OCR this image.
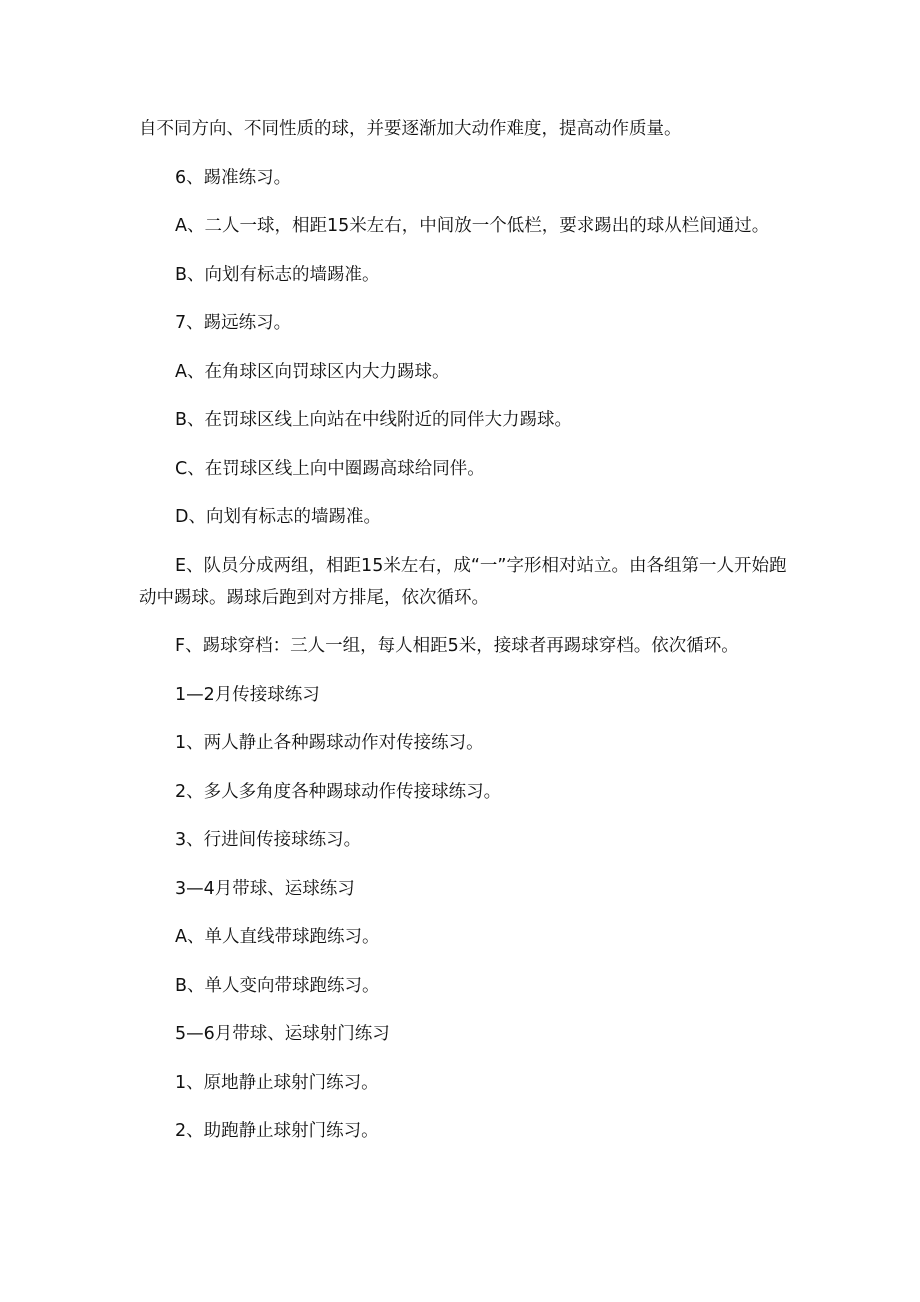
自不同方向、不同性质的球，并要逐渐加大动作难度，提高动作质量。

6、踢准练习。

A、二人一球，相距15米左右，中间放一个低栏，要求踢出的球从栏间通过。

B、向划有标志的墙踢准。

7、踢远练习。

A、在角球区向罚球区内大力踢球。

B、在罚球区线上向站在中线附近的同伴大力踢球。

C、在罚球区线上向中圈踢高球给同伴。

D、向划有标志的墙踢准。

E、队员分成两组，相距15米左右，成“一”字形相对站立。由各组第一人开始跑动中踢球。踢球后跑到对方排尾，依次循环。

F、踢球穿档：三人一组，每人相距5米，接球者再踢球穿档。依次循环。

1—2月传接球练习

1、两人静止各种踢球动作对传接练习。

2、多人多角度各种踢球动作传接球练习。

3、行进间传接球练习。

3—4月带球、运球练习

A、单人直线带球跑练习。

B、单人变向带球跑练习。

5—6月带球、运球射门练习

1、原地静止球射门练习。

2、助跑静止球射门练习。
